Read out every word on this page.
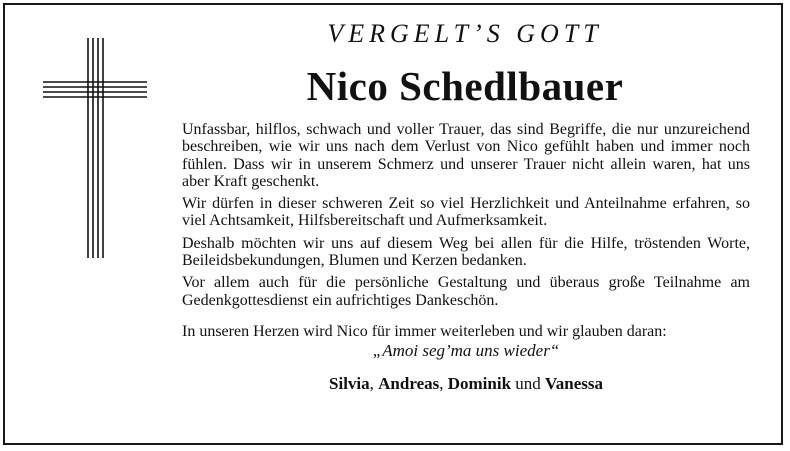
VERGELT’S GOTT
Nico Schedlbauer

Unfassbar, hilflos, schwach und voller Trauer, das sind Begriffe, die nur unzureichend beschreiben, wie wir uns nach dem Verlust von Nico gefühlt haben und immer noch fühlen. Dass wir in unserem Schmerz und unserer Trauer nicht allein waren, hat uns aber Kraft geschenkt.

Wir dürfen in dieser schweren Zeit so viel Herzlichkeit und Anteilnahme erfahren, so viel Achtsamkeit, Hilfsbereitschaft und Aufmerksamkeit.

Deshalb möchten wir uns auf diesem Weg bei allen für die Hilfe, tröstenden Worte, Beileidsbekundungen, Blumen und Kerzen bedanken.

Vor allem auch für die persönliche Gestaltung und überaus große Teilnahme am Gedenkgottesdienst ein aufrichtiges Dankeschön.

In unseren Herzen wird Nico für immer weiterleben und wir glauben daran:

„Amoi seg’ma uns wieder“
Silvia, Andreas, Dominik und Vanessa
